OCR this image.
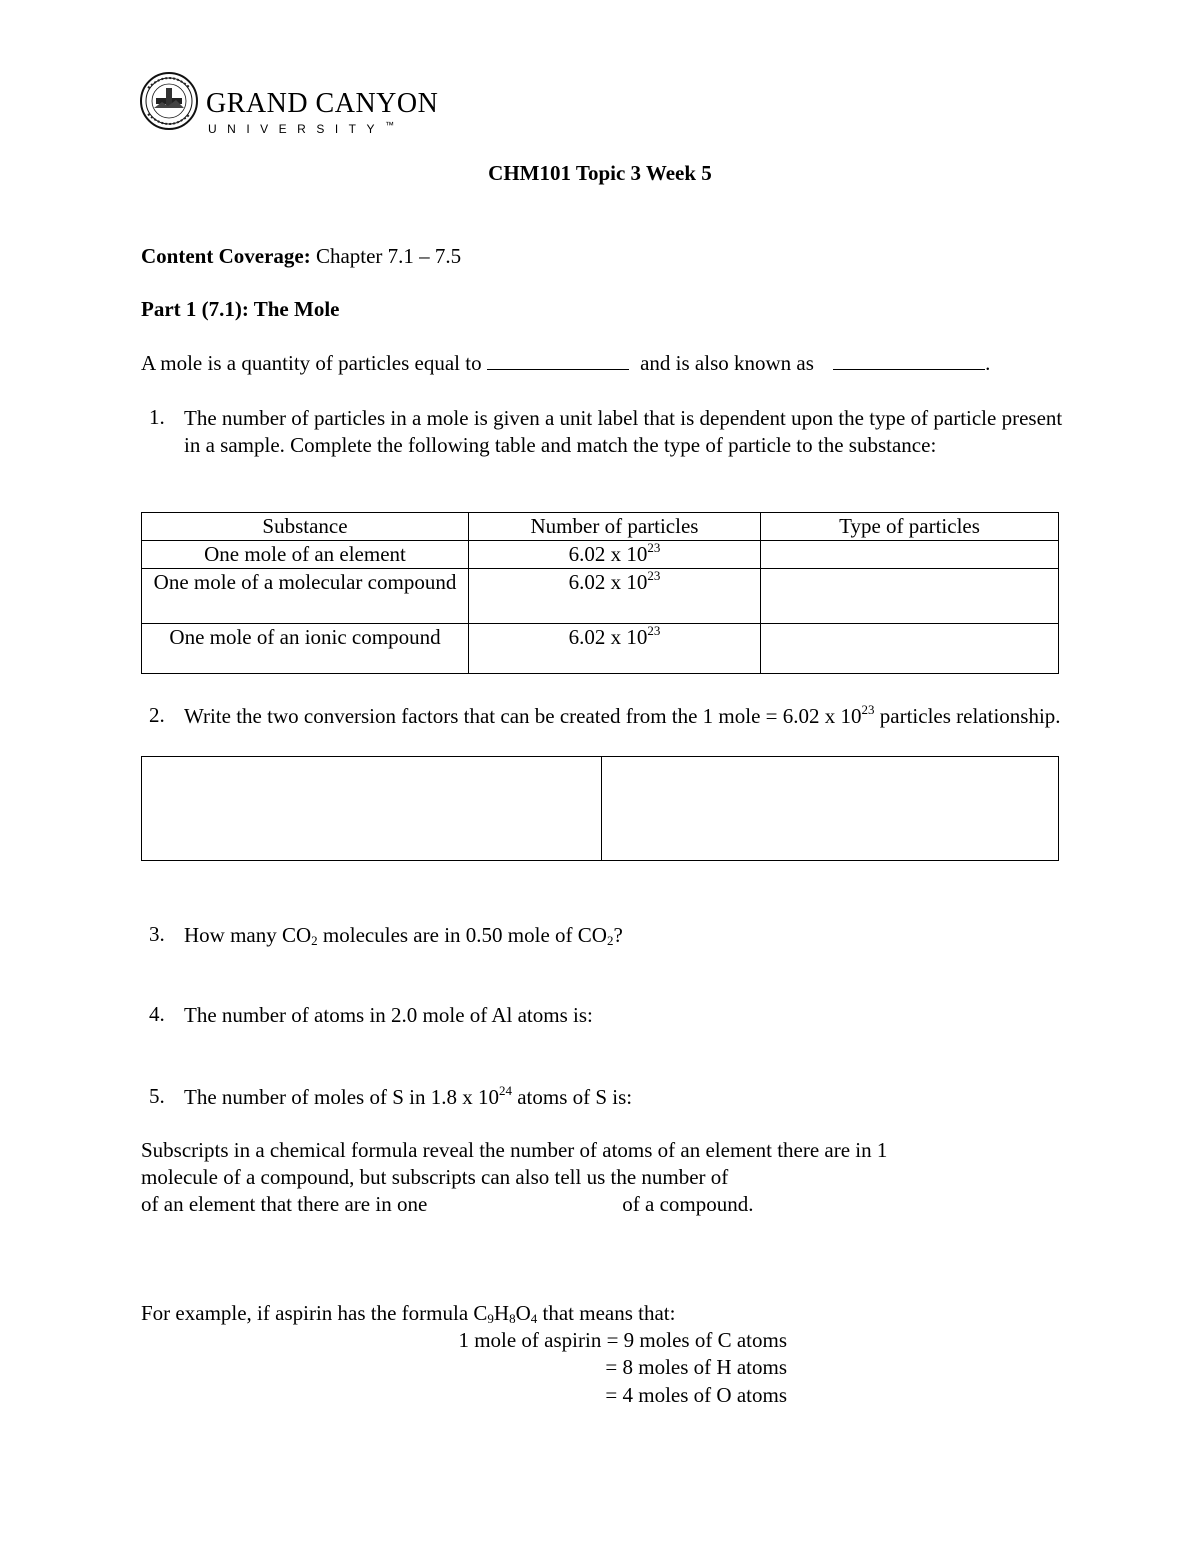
GRAND CANYON
UNIVERSITY™
CHM101 Topic 3 Week 5
Content Coverage: Chapter 7.1 – 7.5
Part 1 (7.1): The Mole
A mole is a quantity of particles equal to	and is also known as	.
1. The number of particles in a mole is given a unit label that is dependent upon the type of particle present in a sample. Complete the following table and match the type of particle to the substance:
Substance	Number of particles	Type of particles
One mole of an element	6.02 x $10^{23}$	
One mole of a molecular compound	6.02 x $10^{23}$	
One mole of an ionic compound	6.02 x $10^{23}$	
2. Write the two conversion factors that can be created from the 1 mole = 6.02 x $10^{23}$ particles relationship.

3. How many $CO_2$ molecules are in 0.50 mole of $CO_2$?
4. The number of atoms in 2.0 mole of Al atoms is:
5. The number of moles of S in 1.8 x $10^{24}$ atoms of S is:
Subscripts in a chemical formula reveal the number of atoms of an element there are in 1
molecule of a compound, but subscripts can also tell us the number of
of an element that there are in one	of a compound.
For example, if aspirin has the formula $C_9H_8O_4$ that means that:
1 mole of aspirin = 9 moles of C atoms
= 8 moles of H atoms
= 4 moles of O atoms
